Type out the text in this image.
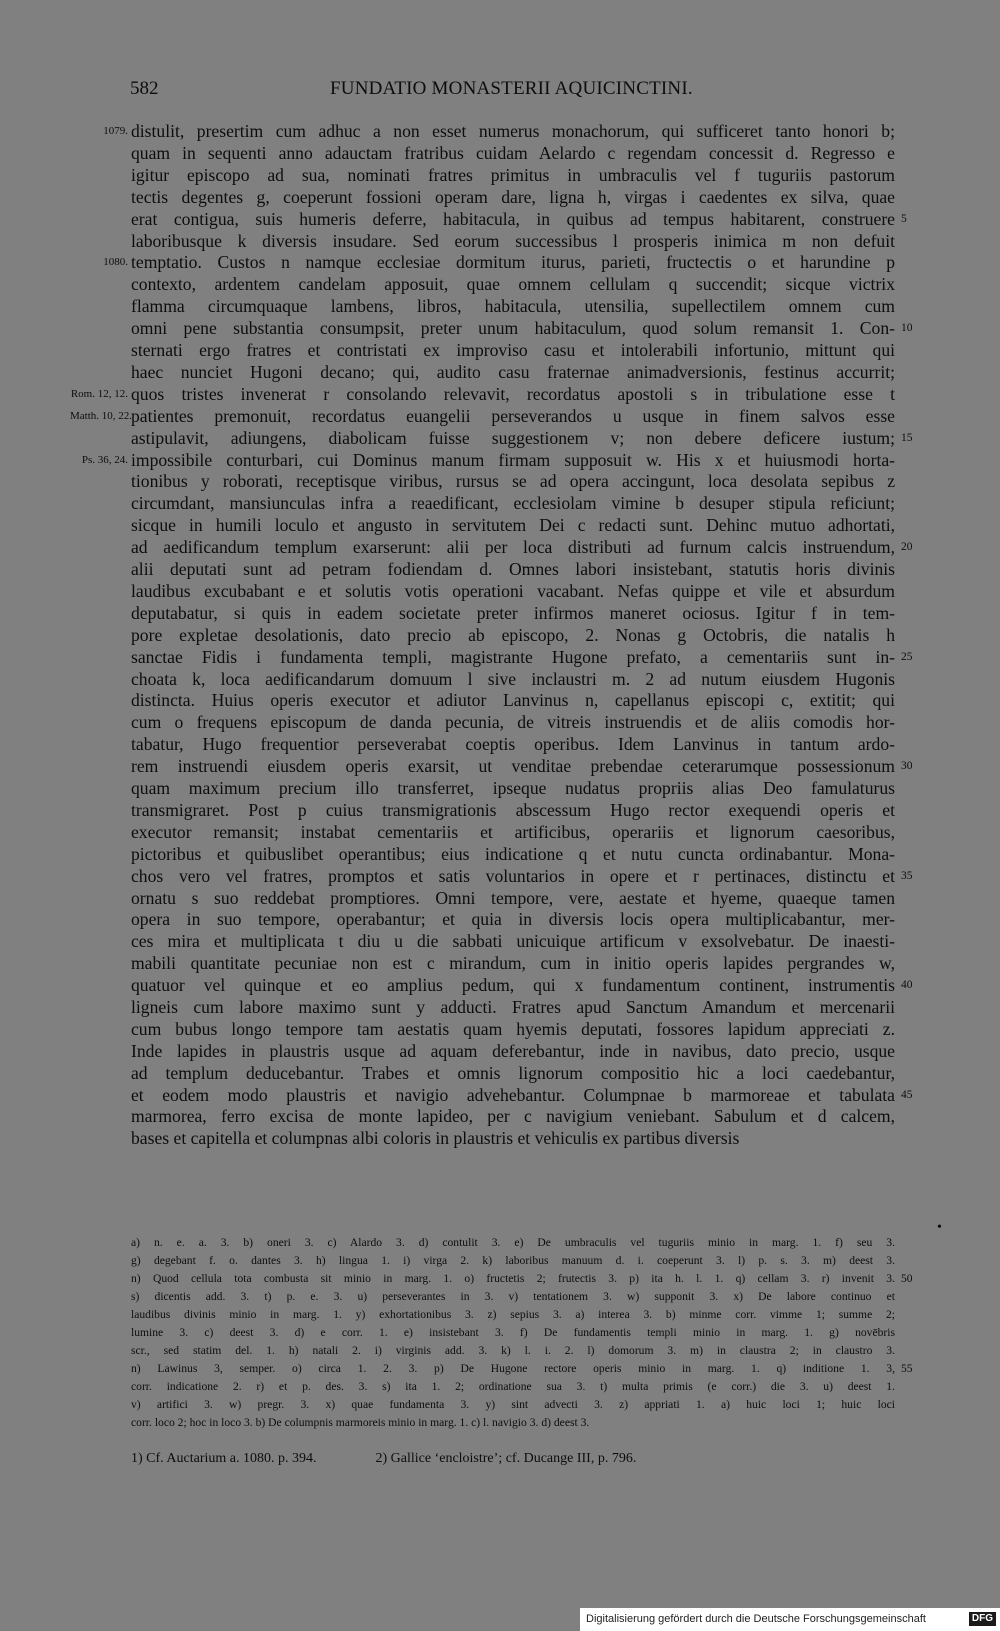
582	FUNDATIO MONASTERII AQUICINCTINI.
distulit, presertim cum adhuc a non esset numerus monachorum, qui sufficeret tanto honori b;
1079.
quam in sequenti anno adauctam fratribus cuidam Aelardo c regendam concessit d. Regresso e
igitur episcopo ad sua, nominati fratres primitus in umbraculis vel f tuguriis pastorum
tectis degentes g, coeperunt fossioni operam dare, ligna h, virgas i caedentes ex silva, quae
erat contigua, suis humeris deferre, habitacula, in quibus ad tempus habitarent, construere 5
laboribusque k diversis insudare. Sed eorum successibus l prosperis inimica m non defuit
temptatio. Custos n namque ecclesiae dormitum iturus, parieti, fructectis o et harundine p
1080.
contexto, ardentem candelam apposuit, quae omnem cellulam q succendit; sicque victrix
flamma circumquaque lambens, libros, habitacula, utensilia, supellectilem omnem cum
omni pene substantia consumpsit, preter unum habitaculum, quod solum remansit 1. Con- 10
sternati ergo fratres et contristati ex improviso casu et intolerabili infortunio, mittunt qui
haec nunciet Hugoni decano; qui, audito casu fraternae animadversionis, festinus accurrit;
quos tristes invenerat r consolando relevavit, recordatus apostoli s in tribulatione esse t
Rom. 12, 12.
patientes premonuit, recordatus euangelii perseverandos u usque in finem salvos esse
Matth. 10, 22.
astipulavit, adiungens, diabolicam fuisse suggestionem v; non debere deficere iustum; 15
impossibile conturbari, cui Dominus manum firmam supposuit w. His x et huiusmodi horta-
Ps. 36, 24.
tionibus y roborati, receptisque viribus, rursus se ad opera accingunt, loca desolata sepibus z
circumdant, mansiunculas infra a reaedificant, ecclesiolam vimine b desuper stipula reficiunt;
sicque in humili loculo et angusto in servitutem Dei c redacti sunt. Dehinc mutuo adhortati,
ad aedificandum templum exarserunt: alii per loca distributi ad furnum calcis instruendum, 20
alii deputati sunt ad petram fodiendam d. Omnes labori insistebant, statutis horis divinis
laudibus excubabant e et solutis votis operationi vacabant. Nefas quippe et vile et absurdum
deputabatur, si quis in eadem societate preter infirmos maneret ociosus. Igitur f in tem-
pore expletae desolationis, dato precio ab episcopo, 2. Nonas g Octobris, die natalis h
sanctae Fidis i fundamenta templi, magistrante Hugone prefato, a cementariis sunt in- 25
choata k, loca aedificandarum domuum l sive inclaustri m. 2 ad nutum eiusdem Hugonis
distincta. Huius operis executor et adiutor Lanvinus n, capellanus episcopi c, extitit; qui
cum o frequens episcopum de danda pecunia, de vitreis instruendis et de aliis comodis hor-
tabatur, Hugo frequentior perseverabat coeptis operibus. Idem Lanvinus in tantum ardo-
rem instruendi eiusdem operis exarsit, ut venditae prebendae ceterarumque possessionum 30
quam maximum precium illo transferret, ipseque nudatus propriis alias Deo famulaturus
transmigraret. Post p cuius transmigrationis abscessum Hugo rector exequendi operis et
executor remansit; instabat cementariis et artificibus, operariis et lignorum caesoribus,
pictoribus et quibuslibet operantibus; eius indicatione q et nutu cuncta ordinabantur. Mona-
chos vero vel fratres, promptos et satis voluntarios in opere et r pertinaces, distinctu et 35
ornatu s suo reddebat promptiores. Omni tempore, vere, aestate et hyeme, quaeque tamen
opera in suo tempore, operabantur; et quia in diversis locis opera multiplicabantur, mer-
ces mira et multiplicata t diu u die sabbati unicuique artificum v exsolvebatur. De inaesti-
mabili quantitate pecuniae non est c mirandum, cum in initio operis lapides pergrandes w,
quatuor vel quinque et eo amplius pedum, qui x fundamentum continent, instrumentis 40
ligneis cum labore maximo sunt y adducti. Fratres apud Sanctum Amandum et mercenarii
cum bubus longo tempore tam aestatis quam hyemis deputati, fossores lapidum appreciati z.
Inde lapides in plaustris usque ad aquam deferebantur, inde in navibus, dato precio, usque
ad templum deducebantur. Trabes et omnis lignorum compositio hic a loci caedebantur,
et eodem modo plaustris et navigio advehebantur. Columpnae b marmoreae et tabulata 45
marmorea, ferro excisa de monte lapideo, per c navigium veniebant. Sabulum et d calcem,
bases et capitella et columpnas albi coloris in plaustris et vehiculis ex partibus diversis
•
a) n. e. a. 3. b) oneri 3. c) Alardo 3. d) contulit 3. e) De umbraculis vel tuguriis minio in marg. 1. f) seu 3.
g) degebant f. o. dantes 3. h) lingua 1. i) virga 2. k) laboribus manuum d. i. coeperunt 3. l) p. s. 3. m) deest 3.
n) Quod cellula tota combusta sit minio in marg. 1. o) fructetis 2; frutectis 3. p) ita h. l. 1. q) cellam 3. r) invenit 3. 50
s) dicentis add. 3. t) p. e. 3. u) perseverantes in 3. v) tentationem 3. w) supponit 3. x) De labore continuo et
laudibus divinis minio in marg. 1. y) exhortationibus 3. z) sepius 3. a) interea 3. b) minme corr. vimme 1; summe 2;
lumine 3. c) deest 3. d) e corr. 1. e) insistebant 3. f) De fundamentis templi minio in marg. 1. g) novēbris
scr., sed statim del. 1. h) natali 2. i) virginis add. 3. k) l. i. 2. l) domorum 3. m) in claustra 2; in claustro 3.
n) Lawinus 3, semper. o) circa 1. 2. 3. p) De Hugone rectore operis minio in marg. 1. q) inditione 1. 3, 55
corr. indicatione 2. r) et p. des. 3. s) ita 1. 2; ordinatione sua 3. t) multa primis (e corr.) die 3. u) deest 1.
v) artifici 3. w) pregr. 3. x) quae fundamenta 3. y) sint advecti 3. z) appriati 1. a) huic loci 1; huic loci
corr. loco 2; hoc in loco 3. b) De columpnis marmoreis minio in marg. 1. c) l. navigio 3. d) deest 3.
1) Cf. Auctarium a. 1080. p. 394.	2) Gallice ‘encloistre’; cf. Ducange III, p. 796.
Digitalisierung gefördert durch die Deutsche Forschungsgemeinschaft	DFG
